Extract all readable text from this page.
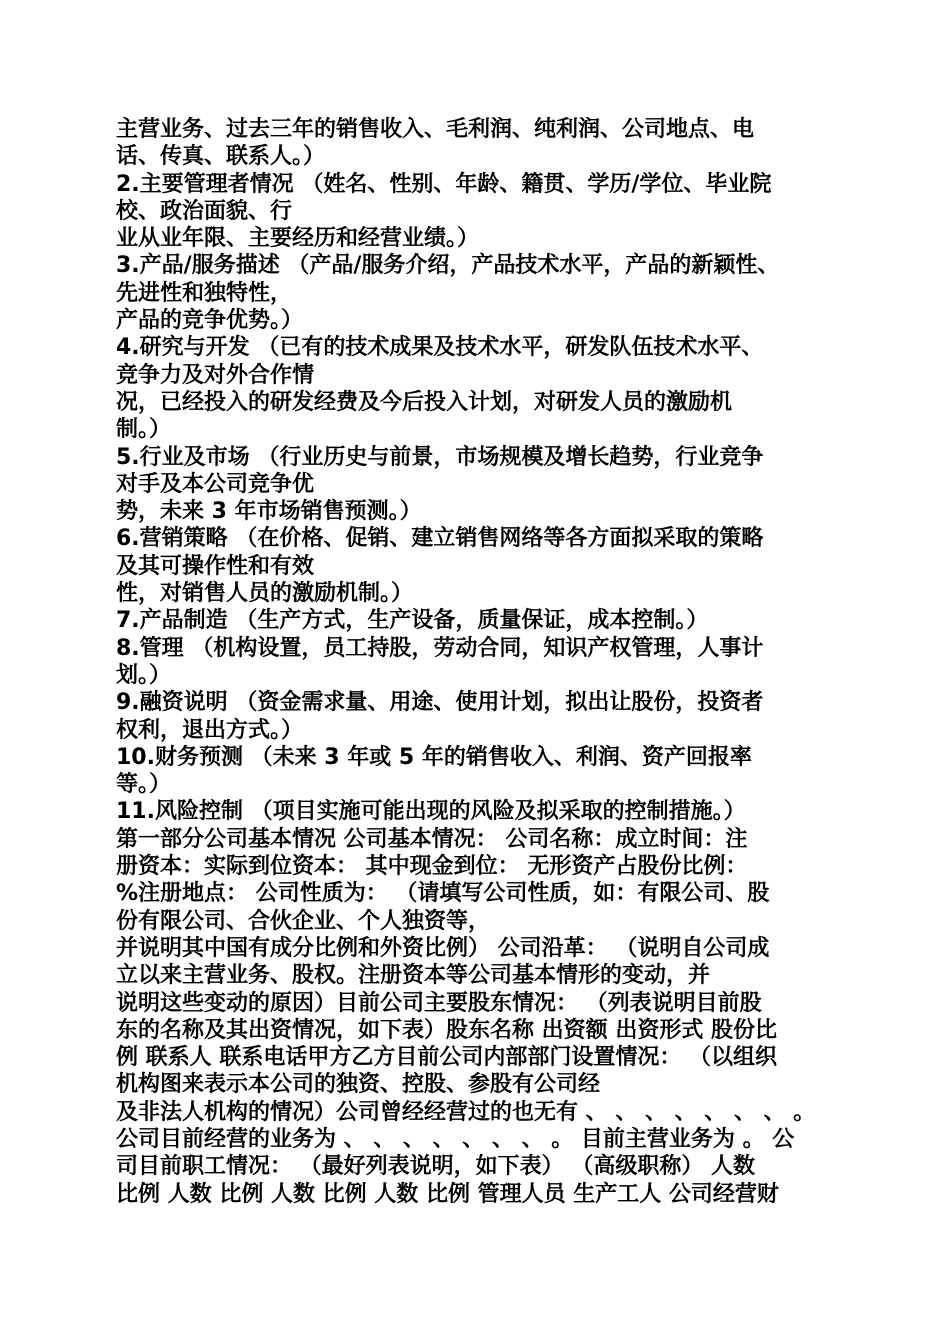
主营业务、过去三年的销售收入、毛利润、纯利润、公司地点、电
话、传真、联系人。）
2.主要管理者情况 （姓名、性别、年龄、籍贯、学历/学位、毕业院
校、政治面貌、行
业从业年限、主要经历和经营业绩。）
3.产品/服务描述 （产品/服务介绍，产品技术水平，产品的新颖性、
先进性和独特性，
产品的竞争优势。）
4.研究与开发 （已有的技术成果及技术水平，研发队伍技术水平、
竞争力及对外合作情
况，已经投入的研发经费及今后投入计划，对研发人员的激励机
制。）
5.行业及市场 （行业历史与前景，市场规模及增长趋势，行业竞争
对手及本公司竞争优
势，未来 3 年市场销售预测。）
6.营销策略 （在价格、促销、建立销售网络等各方面拟采取的策略
及其可操作性和有效
性，对销售人员的激励机制。）
7.产品制造 （生产方式，生产设备，质量保证，成本控制。）
8.管理 （机构设置，员工持股，劳动合同，知识产权管理，人事计
划。）
9.融资说明 （资金需求量、用途、使用计划，拟出让股份，投资者
权利，退出方式。）
10.财务预测 （未来 3 年或 5 年的销售收入、利润、资产回报率
等。）
11.风险控制 （项目实施可能出现的风险及拟采取的控制措施。）
第一部分公司基本情况 公司基本情况： 公司名称：成立时间：注
册资本：实际到位资本： 其中现金到位： 无形资产占股份比例：
%注册地点： 公司性质为： （请填写公司性质，如：有限公司、股
份有限公司、合伙企业、个人独资等，
并说明其中国有成分比例和外资比例） 公司沿革： （说明自公司成
立以来主营业务、股权。注册资本等公司基本情形的变动，并
说明这些变动的原因）目前公司主要股东情况： （列表说明目前股
东的名称及其出资情况，如下表）股东名称 出资额 出资形式 股份比
例 联系人 联系电话甲方乙方目前公司内部部门设置情况： （以组织
机构图来表示本公司的独资、控股、参股有公司经
及非法人机构的情况）公司曾经经营过的也无有 、 、 、 、 、 、 、 。
公司目前经营的业务为 、 、 、 、 、 、 、 。 目前主营业务为 。 公
司目前职工情况： （最好列表说明，如下表） （高级职称） 人数
比例 人数 比例 人数 比例 人数 比例 管理人员 生产工人 公司经营财
